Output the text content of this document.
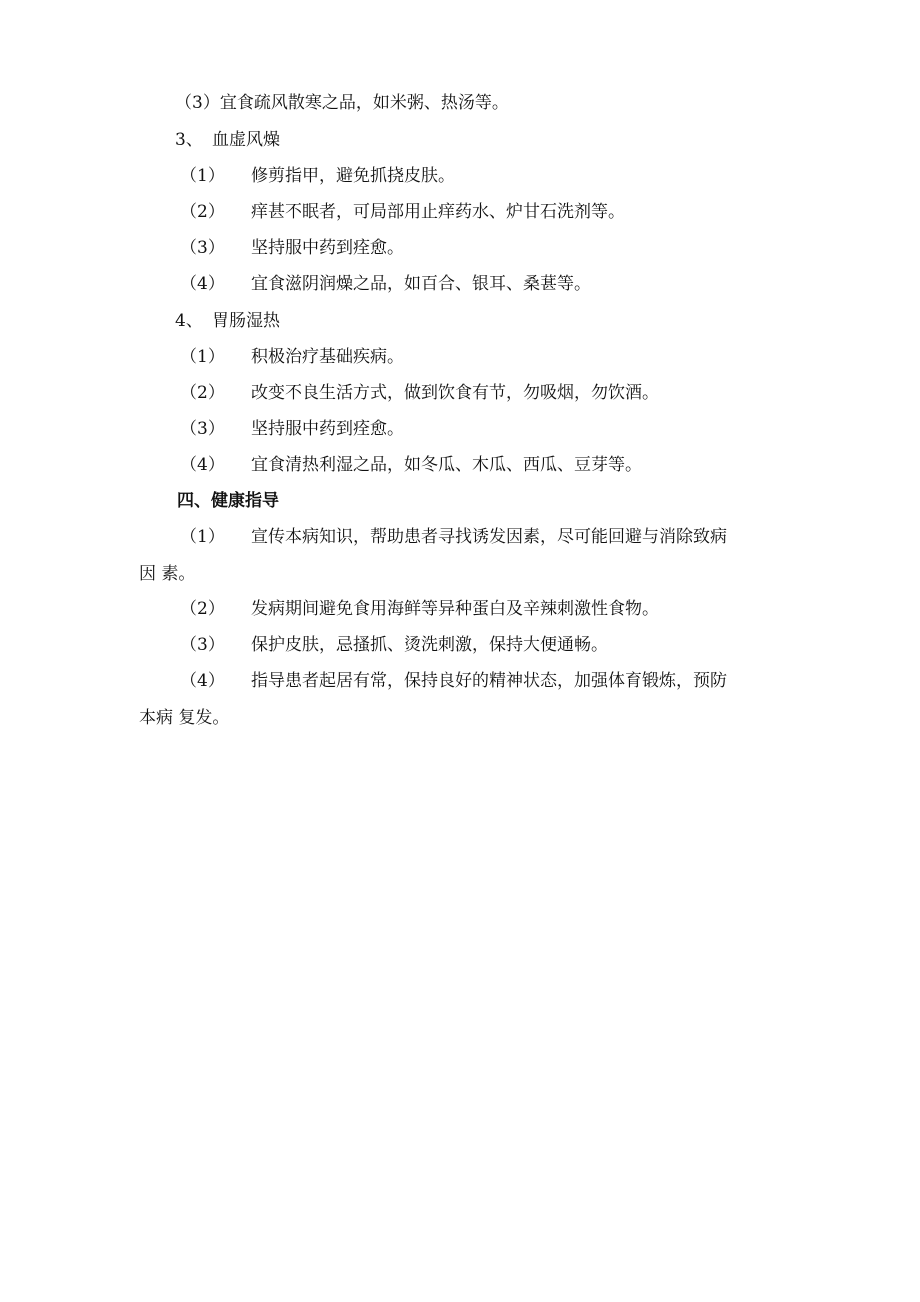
（3）宜食疏风散寒之品，如米粥、热汤等。
3、 血虚风燥
（1） 修剪指甲，避免抓挠皮肤。
（2） 痒甚不眠者，可局部用止痒药水、炉甘石洗剂等。
（3） 坚持服中药到痊愈。
（4） 宜食滋阴润燥之品，如百合、银耳、桑葚等。
4、 胃肠湿热
（1） 积极治疗基础疾病。
（2） 改变不良生活方式，做到饮食有节，勿吸烟，勿饮酒。
（3） 坚持服中药到痊愈。
（4） 宜食清热利湿之品，如冬瓜、木瓜、西瓜、豆芽等。
四、健康指导
（1） 宣传本病知识，帮助患者寻找诱发因素，尽可能回避与消除致病
因 素。
（2） 发病期间避免食用海鲜等异种蛋白及辛辣刺激性食物。
（3） 保护皮肤，忌搔抓、烫洗刺激，保持大便通畅。
（4） 指导患者起居有常，保持良好的精神状态，加强体育锻炼，预防
本病 复发。
